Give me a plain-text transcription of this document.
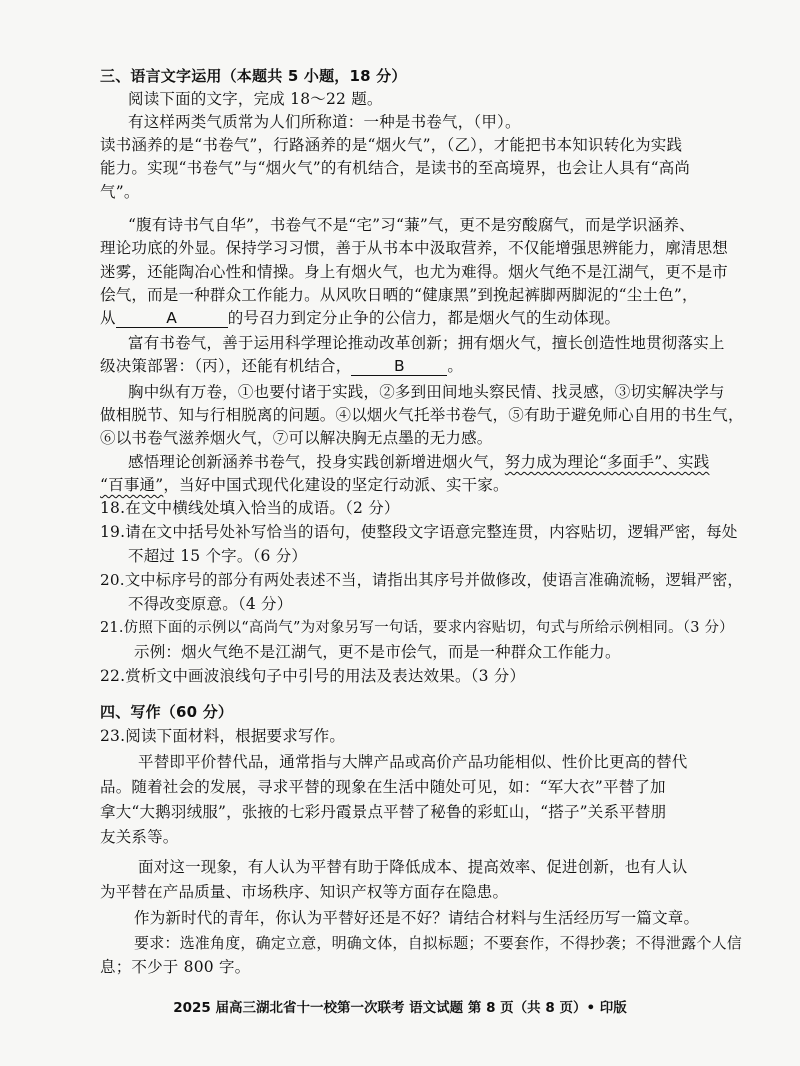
三、语言文字运用（本题共 5 小题，18 分）
阅读下面的文字，完成 18～22 题。
有这样两类气质常为人们所称道：一种是书卷气，（甲）。
读书涵养的是“书卷气”，行路涵养的是“烟火气”，（乙），才能把书本知识转化为实践
能力。实现“书卷气”与“烟火气”的有机结合，是读书的至高境界，也会让人具有“高尚
气”。
“腹有诗书气自华”，书卷气不是“宅”习“蒹”气，更不是穷酸腐气，而是学识涵养、
理论功底的外显。保持学习习惯，善于从书本中汲取营养，不仅能增强思辨能力，廓清思想
迷雾，还能陶冶心性和情操。身上有烟火气，也尤为难得。烟火气绝不是江湖气，更不是市
侩气，而是一种群众工作能力。从风吹日晒的“健康黑”到挽起裤脚两脚泥的“尘土色”，
从	A	的号召力到定分止争的公信力，都是烟火气的生动体现。
富有书卷气，善于运用科学理论推动改革创新；拥有烟火气，擅长创造性地贯彻落实上
级决策部署：（丙），还能有机结合，	B	。
胸中纵有万卷，①也要付诸于实践，②多到田间地头察民情、找灵感，③切实解决学与
做相脱节、知与行相脱离的问题。④以烟火气托举书卷气，⑤有助于避免师心自用的书生气，
⑥以书卷气滋养烟火气，⑦可以解决胸无点墨的无力感。
感悟理论创新涵养书卷气，投身实践创新增进烟火气，努力成为理论“多面手”、实践
“百事通”，当好中国式现代化建设的坚定行动派、实干家。
18.在文中横线处填入恰当的成语。（2 分）
19.请在文中括号处补写恰当的语句，使整段文字语意完整连贯，内容贴切，逻辑严密，每处
不超过 15 个字。（6 分）
20.文中标序号的部分有两处表述不当，请指出其序号并做修改，使语言准确流畅，逻辑严密，
不得改变原意。（4 分）
21.仿照下面的示例以“高尚气”为对象另写一句话，要求内容贴切，句式与所给示例相同。（3 分）
示例：烟火气绝不是江湖气，更不是市侩气，而是一种群众工作能力。
22.赏析文中画波浪线句子中引号的用法及表达效果。（3 分）
四、写作（60 分）
23.阅读下面材料，根据要求写作。
平替即平价替代品，通常指与大牌产品或高价产品功能相似、性价比更高的替代
品。随着社会的发展，寻求平替的现象在生活中随处可见，如：“军大衣”平替了加
拿大“大鹅羽绒服”，张掖的七彩丹霞景点平替了秘鲁的彩虹山，“搭子”关系平替朋
友关系等。
面对这一现象，有人认为平替有助于降低成本、提高效率、促进创新，也有人认
为平替在产品质量、市场秩序、知识产权等方面存在隐患。
作为新时代的青年，你认为平替好还是不好？请结合材料与生活经历写一篇文章。
要求：选准角度，确定立意，明确文体，自拟标题；不要套作，不得抄袭；不得泄露个人信
息；不少于 800 字。
2025 届高三湖北省十一校第一次联考 语文试题 第 8 页（共 8 页）• 印版
